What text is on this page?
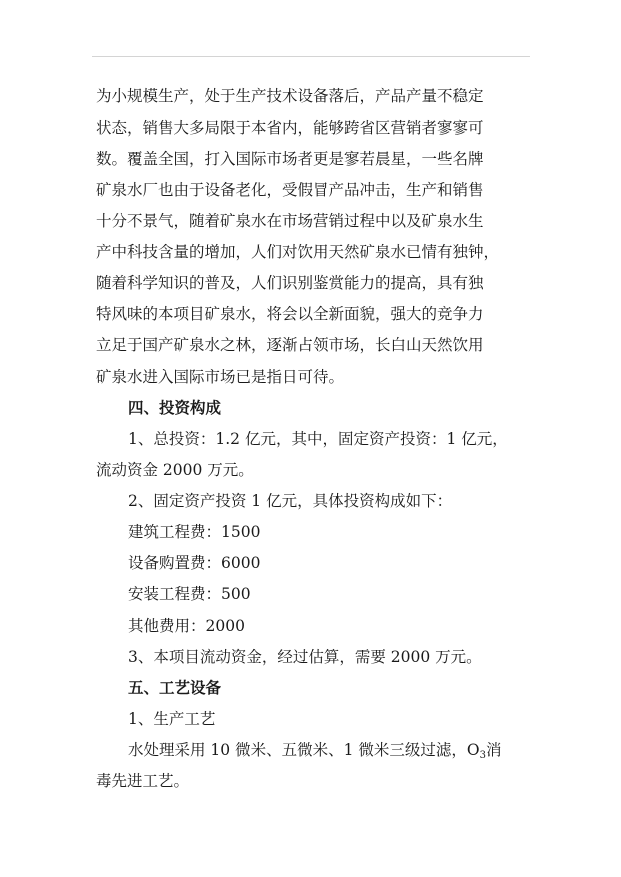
为小规模生产，处于生产技术设备落后，产品产量不稳定
状态，销售大多局限于本省内，能够跨省区营销者寥寥可
数。覆盖全国，打入国际市场者更是寥若晨星，一些名牌
矿泉水厂也由于设备老化，受假冒产品冲击，生产和销售
十分不景气，随着矿泉水在市场营销过程中以及矿泉水生
产中科技含量的增加，人们对饮用天然矿泉水已情有独钟，
随着科学知识的普及，人们识别鉴赏能力的提高，具有独
特风味的本项目矿泉水，将会以全新面貌，强大的竞争力
立足于国产矿泉水之林，逐渐占领市场，长白山天然饮用
矿泉水进入国际市场已是指日可待。
四、投资构成
1、总投资：1.2 亿元，其中，固定资产投资：1 亿元，
流动资金 2000 万元。
2、固定资产投资 1 亿元，具体投资构成如下：
建筑工程费：1500
设备购置费：6000
安装工程费：500
其他费用：2000
3、本项目流动资金，经过估算，需要 2000 万元。
五、工艺设备
1、生产工艺
水处理采用 10 微米、五微米、1 微米三级过滤，$O_3$消
毒先进工艺。
